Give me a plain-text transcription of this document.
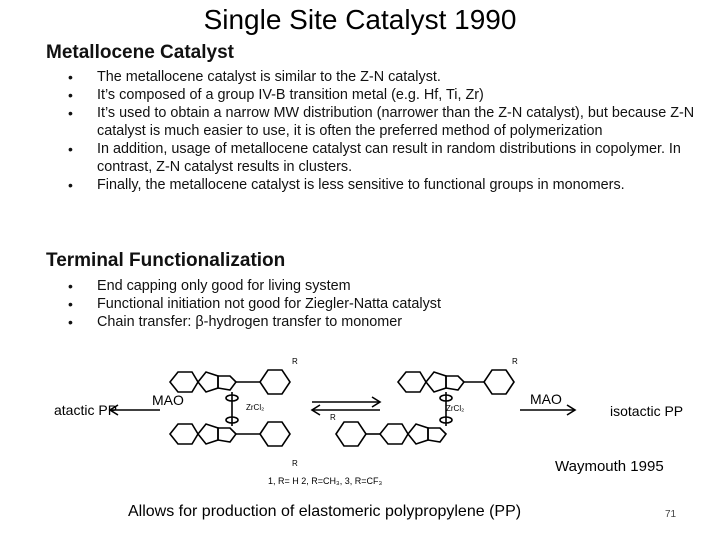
Single Site Catalyst 1990
Metallocene Catalyst
• The metallocene catalyst is similar to the Z-N catalyst.
• It’s composed of a group IV-B transition metal (e.g. Hf, Ti, Zr)
• It’s used to obtain a narrow MW distribution (narrower than the Z-N catalyst), but because Z-N catalyst is much easier to use, it is often the preferred method of polymerization
• In addition, usage of metallocene catalyst can result in random distributions in copolymer. In contrast, Z-N catalyst results in clusters.
• Finally, the metallocene catalyst is less sensitive to functional groups in monomers.
Terminal Functionalization
• End capping only good for living system
• Functional initiation not good for Ziegler-Natta catalyst
• Chain transfer: β-hydrogen transfer to monomer
atactic PP
MAO	MAO
isotactic PP
Waymouth 1995
ZrCl₂	ZrCl₂
R
R
R
R
1, R= H 2, R=CH₃, 3, R=CF₃
Allows for production of elastomeric polypropylene (PP)	71
